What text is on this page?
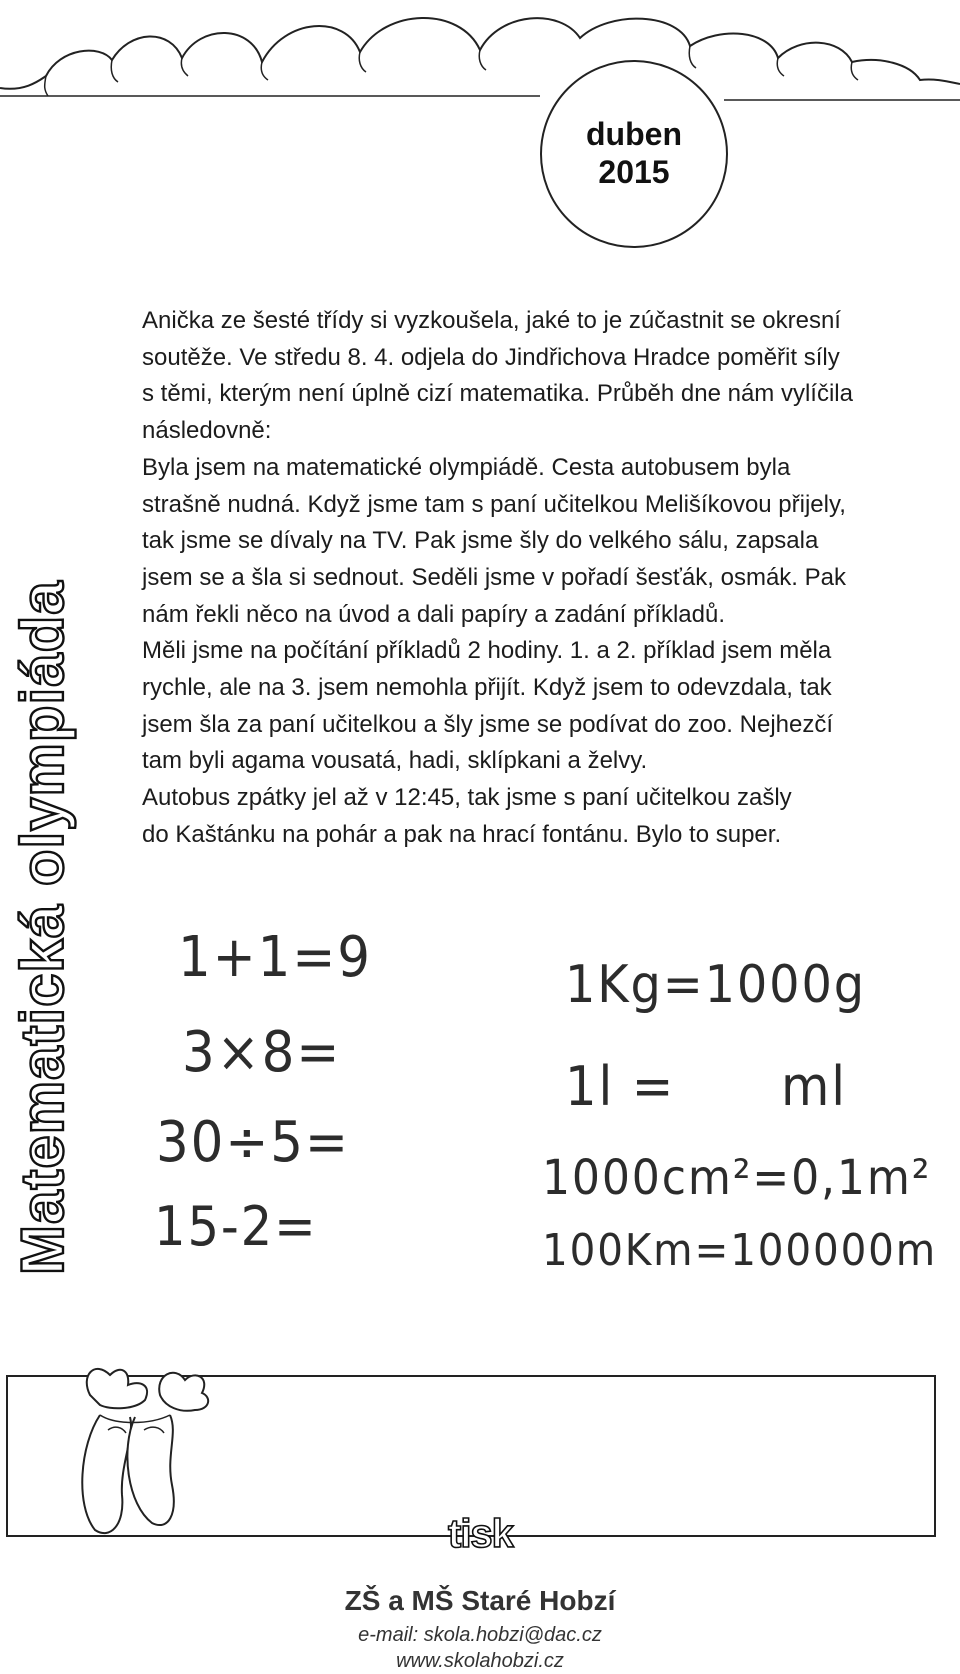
duben
2015
Matematická olympiáda

Anička ze šesté třídy si vyzkoušela, jaké to je zúčastnit se okresní

soutěže. Ve středu 8. 4. odjela do Jindřichova Hradce poměřit síly

s těmi, kterým není úplně cizí matematika. Průběh dne nám vylíčila

následovně:

Byla jsem na matematické olympiádě. Cesta autobusem byla

strašně nudná. Když jsme tam s paní učitelkou Melišíkovou přijely,

tak jsme se dívaly na TV. Pak jsme šly do velkého sálu, zapsala

jsem se a šla si sednout. Seděli jsme v pořadí šesťák, osmák. Pak

nám řekli něco na úvod a dali papíry a zadání příkladů.

Měli jsme na počítání příkladů 2 hodiny. 1. a 2. příklad jsem měla

rychle, ale na 3. jsem nemohla přijít. Když jsem to odevzdala, tak

jsem šla za paní učitelkou a šly jsme se podívat do zoo. Nejhezčí

tam byli agama vousatá, hadi, sklípkani a želvy.

Autobus zpátky jel až v 12:45, tak jsme s paní učitelkou zašly

do Kaštánku na pohár a pak na hrací fontánu. Bylo to super.

1+1=9
3×8=
30÷5=
15-2=
1Kg=1000g
1l =      ml
1000cm²=0,1m²
100Km=100000m
tisk
ZŠ a MŠ Staré Hobzí
e-mail: skola.hobzi@dac.cz
www.skolahobzi.cz
